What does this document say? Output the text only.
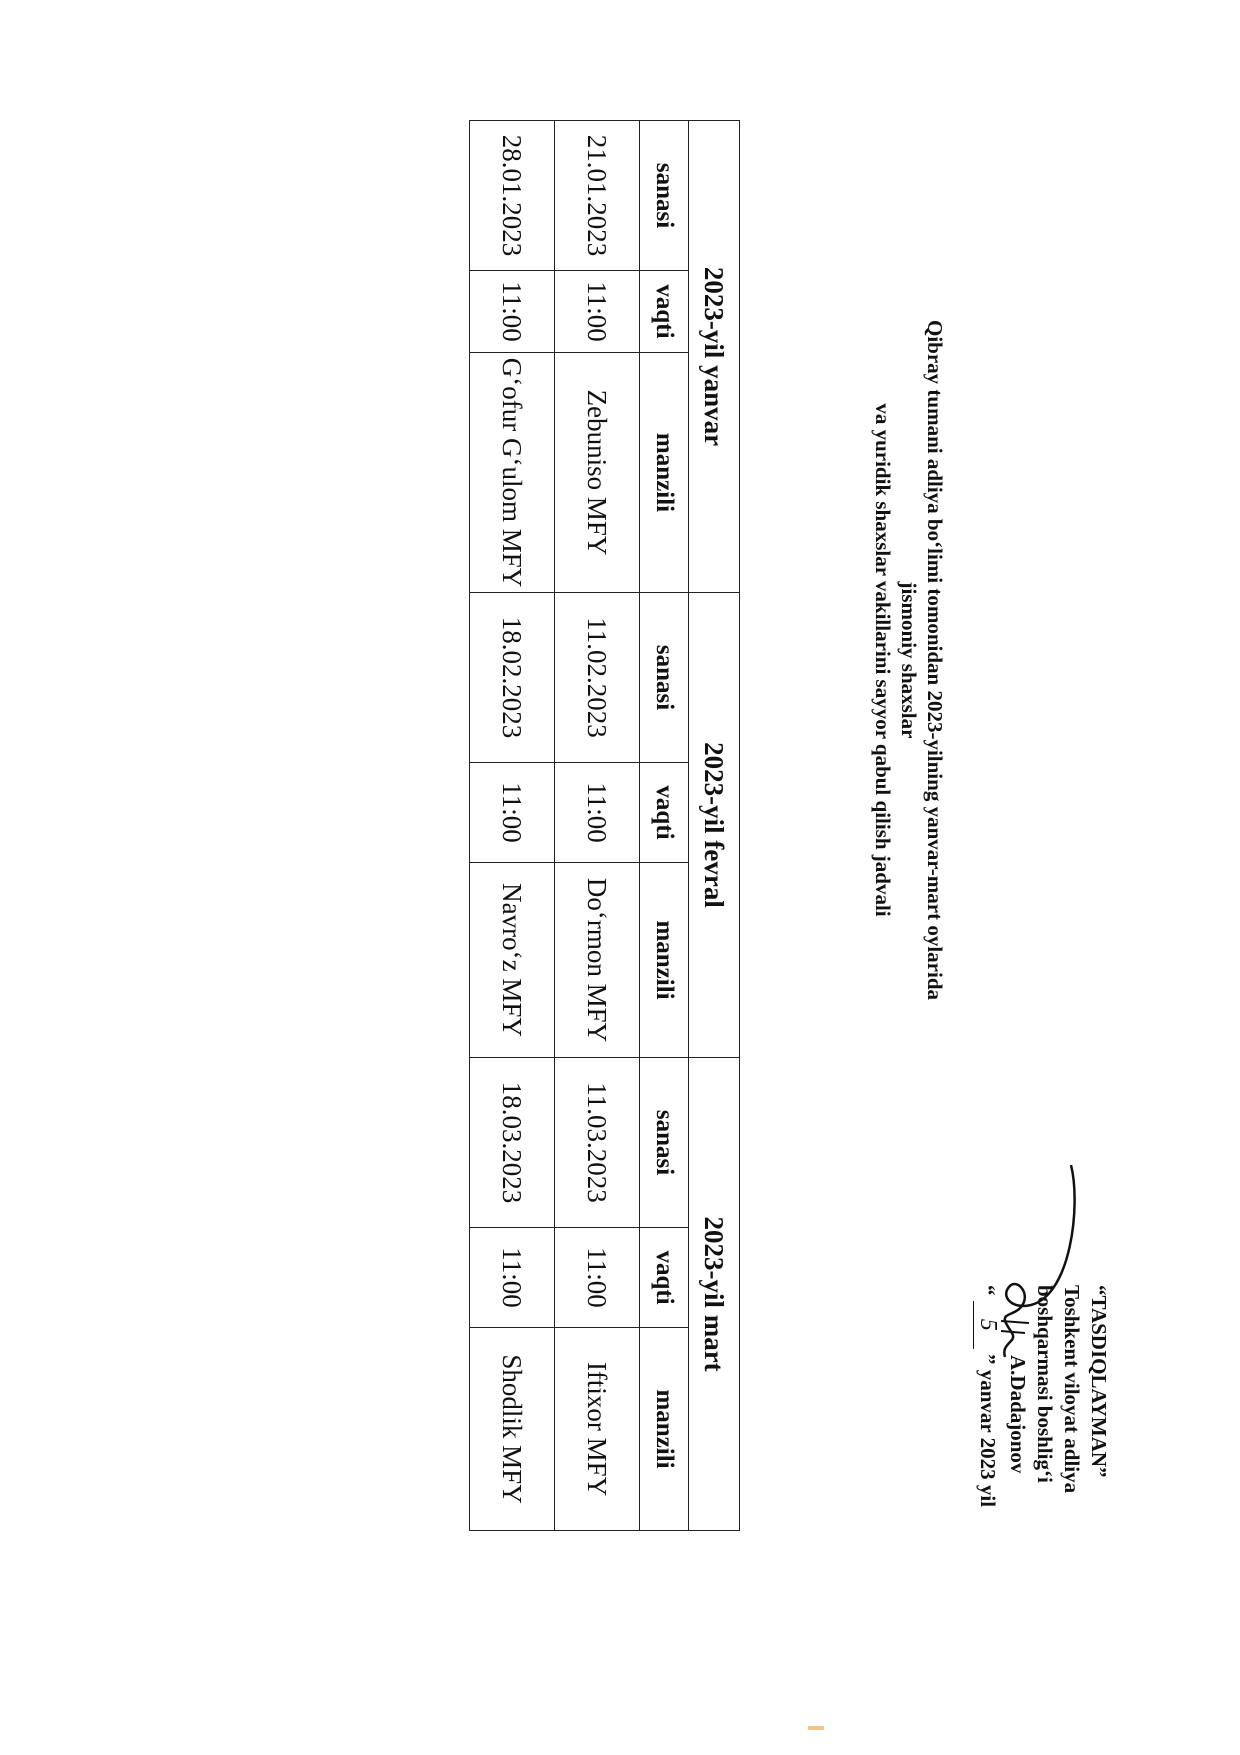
“TASDIQLAYMAN”
Toshkent viloyat adliya
boshqarmasi boshlig‘i
A.Dadajonov
“ 5 ” yanvar 2023 yil
Qibray tumani adliya bo‘limi tomonidan 2023-yilning yanvar-mart oylarida jismoniy shaxslar
va yuridik shaxslar vakillarini sayyor qabul qilish jadvali
2023-yil yanvar			2023-yil fevral			2023-yil mart		
sanasi	vaqti	manzili	sanasi	vaqti	manzili	sanasi	vaqti	manzili
21.01.2023	11:00	Zebuniso MFY	11.02.2023	11:00	Do‘rmon MFY	11.03.2023	11:00	Iftixor MFY
28.01.2023	11:00	G‘ofur G‘ulom MFY	18.02.2023	11:00	Navro‘z MFY	18.03.2023	11:00	Shodlik MFY
